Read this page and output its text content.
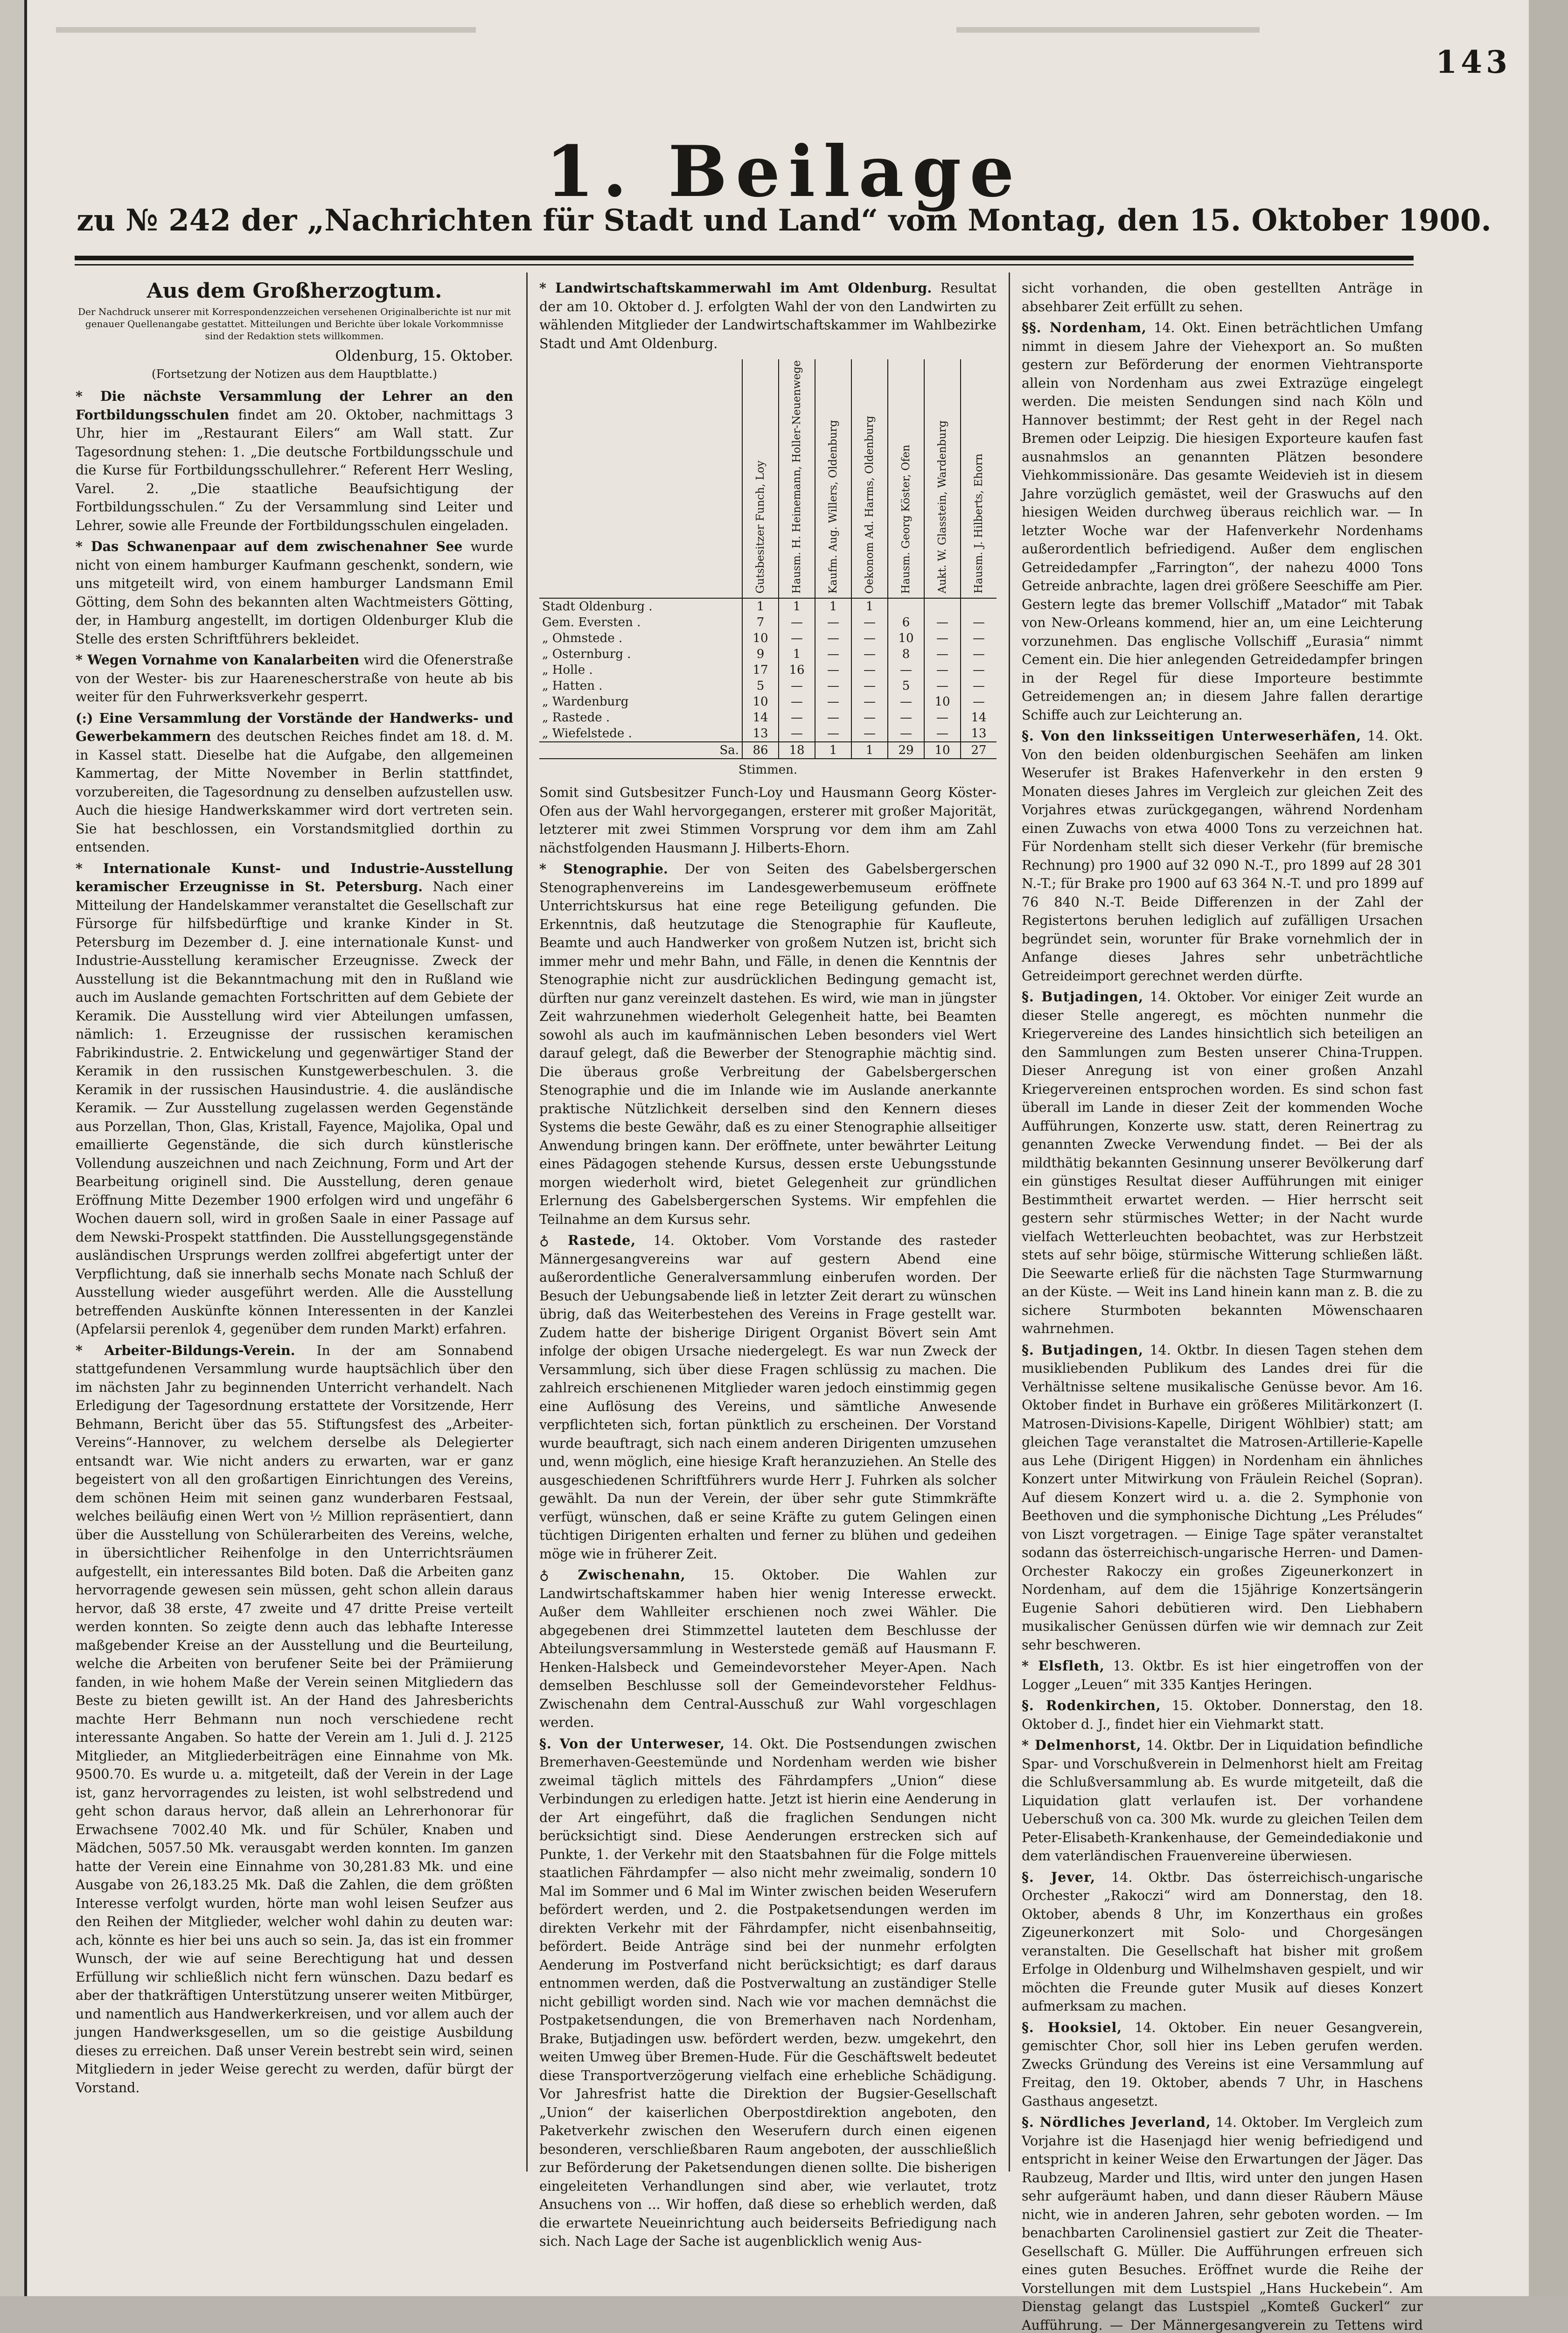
143
1. Beilage
zu № 242 der „Nachrichten für Stadt und Land“ vom Montag, den 15. Oktober 1900.
Aus dem Großherzogtum.
Der Nachdruck unserer mit Korrespondenzzeichen versehenen Originalberichte ist nur mit genauer Quellenangabe gestattet. Mitteilungen und Berichte über lokale Vorkommnisse sind der Redaktion stets willkommen.
Oldenburg, 15. Oktober.
(Fortsetzung der Notizen aus dem Hauptblatte.)

* Die nächste Versammlung der Lehrer an den Fortbildungsschulen findet am 20. Oktober, nachmittags 3 Uhr, hier im „Restaurant Eilers“ am Wall statt. Zur Tagesordnung stehen: 1. „Die deutsche Fortbildungsschule und die Kurse für Fortbildungsschullehrer.“ Referent Herr Wesling, Varel. 2. „Die staatliche Beaufsichtigung der Fortbildungsschulen.“ Zu der Versammlung sind Leiter und Lehrer, sowie alle Freunde der Fortbildungsschulen eingeladen.

* Das Schwanenpaar auf dem zwischenahner See wurde nicht von einem hamburger Kaufmann geschenkt, sondern, wie uns mitgeteilt wird, von einem hamburger Landsmann Emil Götting, dem Sohn des bekannten alten Wachtmeisters Götting, der, in Hamburg angestellt, im dortigen Oldenburger Klub die Stelle des ersten Schriftführers bekleidet.

* Wegen Vornahme von Kanalarbeiten wird die Ofenerstraße von der Wester- bis zur Haarenescherstraße von heute ab bis weiter für den Fuhrwerksverkehr gesperrt.

(:) Eine Versammlung der Vorstände der Handwerks- und Gewerbekammern des deutschen Reiches findet am 18. d. M. in Kassel statt. Dieselbe hat die Aufgabe, den allgemeinen Kammertag, der Mitte November in Berlin stattfindet, vorzubereiten, die Tagesordnung zu denselben aufzustellen usw. Auch die hiesige Handwerkskammer wird dort vertreten sein. Sie hat beschlossen, ein Vorstandsmitglied dorthin zu entsenden.

* Internationale Kunst- und Industrie-Ausstellung keramischer Erzeugnisse in St. Petersburg. Nach einer Mitteilung der Handelskammer veranstaltet die Gesellschaft zur Fürsorge für hilfsbedürftige und kranke Kinder in St. Petersburg im Dezember d. J. eine internationale Kunst- und Industrie-Ausstellung keramischer Erzeugnisse. Zweck der Ausstellung ist die Bekanntmachung mit den in Rußland wie auch im Auslande gemachten Fortschritten auf dem Gebiete der Keramik. Die Ausstellung wird vier Abteilungen umfassen, nämlich: 1. Erzeugnisse der russischen keramischen Fabrikindustrie. 2. Entwickelung und gegenwärtiger Stand der Keramik in den russischen Kunstgewerbeschulen. 3. die Keramik in der russischen Hausindustrie. 4. die ausländische Keramik. — Zur Ausstellung zugelassen werden Gegenstände aus Porzellan, Thon, Glas, Kristall, Fayence, Majolika, Opal und emaillierte Gegenstände, die sich durch künstlerische Vollendung auszeichnen und nach Zeichnung, Form und Art der Bearbeitung originell sind. Die Ausstellung, deren genaue Eröffnung Mitte Dezember 1900 erfolgen wird und ungefähr 6 Wochen dauern soll, wird in großen Saale in einer Passage auf dem Newski-Prospekt stattfinden. Die Ausstellungsgegenstände ausländischen Ursprungs werden zollfrei abgefertigt unter der Verpflichtung, daß sie innerhalb sechs Monate nach Schluß der Ausstellung wieder ausgeführt werden. Alle die Ausstellung betreffenden Auskünfte können Interessenten in der Kanzlei (Apfelarsii perenlok 4, gegenüber dem runden Markt) erfahren.

* Arbeiter-Bildungs-Verein. In der am Sonnabend stattgefundenen Versammlung wurde hauptsächlich über den im nächsten Jahr zu beginnenden Unterricht verhandelt. Nach Erledigung der Tagesordnung erstattete der Vorsitzende, Herr Behmann, Bericht über das 55. Stiftungsfest des „Arbeiter-Vereins“-Hannover, zu welchem derselbe als Delegierter entsandt war. Wie nicht anders zu erwarten, war er ganz begeistert von all den großartigen Einrichtungen des Vereins, dem schönen Heim mit seinen ganz wunderbaren Festsaal, welches beiläufig einen Wert von ½ Million repräsentiert, dann über die Ausstellung von Schülerarbeiten des Vereins, welche, in übersichtlicher Reihenfolge in den Unterrichtsräumen aufgestellt, ein interessantes Bild boten. Daß die Arbeiten ganz hervorragende gewesen sein müssen, geht schon allein daraus hervor, daß 38 erste, 47 zweite und 47 dritte Preise verteilt werden konnten. So zeigte denn auch das lebhafte Interesse maßgebender Kreise an der Ausstellung und die Beurteilung, welche die Arbeiten von berufener Seite bei der Prämiierung fanden, in wie hohem Maße der Verein seinen Mitgliedern das Beste zu bieten gewillt ist. An der Hand des Jahresberichts machte Herr Behmann nun noch verschiedene recht interessante Angaben. So hatte der Verein am 1. Juli d. J. 2125 Mitglieder, an Mitgliederbeiträgen eine Einnahme von Mk. 9500.70. Es wurde u. a. mitgeteilt, daß der Verein in der Lage ist, ganz hervorragendes zu leisten, ist wohl selbstredend und geht schon daraus hervor, daß allein an Lehrerhonorar für Erwachsene 7002.40 Mk. und für Schüler, Knaben und Mädchen, 5057.50 Mk. verausgabt werden konnten. Im ganzen hatte der Verein eine Einnahme von 30,281.83 Mk. und eine Ausgabe von 26,183.25 Mk. Daß die Zahlen, die dem größten Interesse verfolgt wurden, hörte man wohl leisen Seufzer aus den Reihen der Mitglieder, welcher wohl dahin zu deuten war: ach, könnte es hier bei uns auch so sein. Ja, das ist ein frommer Wunsch, der wie auf seine Berechtigung hat und dessen Erfüllung wir schließlich nicht fern wünschen. Dazu bedarf es aber der thatkräftigen Unterstützung unserer weiten Mitbürger, und namentlich aus Handwerkerkreisen, und vor allem auch der jungen Handwerksgesellen, um so die geistige Ausbildung dieses zu erreichen. Daß unser Verein bestrebt sein wird, seinen Mitgliedern in jeder Weise gerecht zu werden, dafür bürgt der Vorstand.

* Landwirtschaftskammerwahl im Amt Oldenburg. Resultat der am 10. Oktober d. J. erfolgten Wahl der von den Landwirten zu wählenden Mitglieder der Landwirtschaftskammer im Wahlbezirke Stadt und Amt Oldenburg.

	Gutsbesitzer Funch, Loy	Hausm. H. Heinemann, Holler-Neuenwege	Kaufm. Aug. Willers, Oldenburg	Oekonom Ad. Harms, Oldenburg	Hausm. Georg Köster, Ofen	Aukt. W. Glasstein, Wardenburg	Hausm. J. Hilberts, Ehorn
Stadt Oldenburg .	1	1	1	1			
Gem. Eversten .	7	—	—	—	6	—	—
„ Ohmstede .	10	—	—	—	10	—	—
„ Osternburg .	9	1	—	—	8	—	—
„ Holle .	17	16	—	—	—	—	—
„ Hatten .	5	—	—	—	5	—	—
„ Wardenburg	10	—	—	—	—	10	—
„ Rastede .	14	—	—	—	—	—	14
„ Wiefelstede .	13	—	—	—	—	—	13
Sa.	86	18	1	1	29	10	27
Stimmen.

Somit sind Gutsbesitzer Funch-Loy und Hausmann Georg Köster-Ofen aus der Wahl hervorgegangen, ersterer mit großer Majorität, letzterer mit zwei Stimmen Vorsprung vor dem ihm am Zahl nächstfolgenden Hausmann J. Hilberts-Ehorn.

* Stenographie. Der von Seiten des Gabelsbergerschen Stenographenvereins im Landesgewerbemuseum eröffnete Unterrichtskursus hat eine rege Beteiligung gefunden. Die Erkenntnis, daß heutzutage die Stenographie für Kaufleute, Beamte und auch Handwerker von großem Nutzen ist, bricht sich immer mehr und mehr Bahn, und Fälle, in denen die Kenntnis der Stenographie nicht zur ausdrücklichen Bedingung gemacht ist, dürften nur ganz vereinzelt dastehen. Es wird, wie man in jüngster Zeit wahrzunehmen wiederholt Gelegenheit hatte, bei Beamten sowohl als auch im kaufmännischen Leben besonders viel Wert darauf gelegt, daß die Bewerber der Stenographie mächtig sind. Die überaus große Verbreitung der Gabelsbergerschen Stenographie und die im Inlande wie im Auslande anerkannte praktische Nützlichkeit derselben sind den Kennern dieses Systems die beste Gewähr, daß es zu einer Stenographie allseitiger Anwendung bringen kann. Der eröffnete, unter bewährter Leitung eines Pädagogen stehende Kursus, dessen erste Uebungsstunde morgen wiederholt wird, bietet Gelegenheit zur gründlichen Erlernung des Gabelsbergerschen Systems. Wir empfehlen die Teilnahme an dem Kursus sehr.

♁ Rastede, 14. Oktober. Vom Vorstande des rasteder Männergesangvereins war auf gestern Abend eine außerordentliche Generalversammlung einberufen worden. Der Besuch der Uebungsabende ließ in letzter Zeit derart zu wünschen übrig, daß das Weiterbestehen des Vereins in Frage gestellt war. Zudem hatte der bisherige Dirigent Organist Bövert sein Amt infolge der obigen Ursache niedergelegt. Es war nun Zweck der Versammlung, sich über diese Fragen schlüssig zu machen. Die zahlreich erschienenen Mitglieder waren jedoch einstimmig gegen eine Auflösung des Vereins, und sämtliche Anwesende verpflichteten sich, fortan pünktlich zu erscheinen. Der Vorstand wurde beauftragt, sich nach einem anderen Dirigenten umzusehen und, wenn möglich, eine hiesige Kraft heranzuziehen. An Stelle des ausgeschiedenen Schriftführers wurde Herr J. Fuhrken als solcher gewählt. Da nun der Verein, der über sehr gute Stimmkräfte verfügt, wünschen, daß er seine Kräfte zu gutem Gelingen einen tüchtigen Dirigenten erhalten und ferner zu blühen und gedeihen möge wie in früherer Zeit.

♁ Zwischenahn, 15. Oktober. Die Wahlen zur Landwirtschaftskammer haben hier wenig Interesse erweckt. Außer dem Wahlleiter erschienen noch zwei Wähler. Die abgegebenen drei Stimmzettel lauteten dem Beschlusse der Abteilungsversammlung in Westerstede gemäß auf Hausmann F. Henken-Halsbeck und Gemeindevorsteher Meyer-Apen. Nach demselben Beschlusse soll der Gemeindevorsteher Feldhus-Zwischenahn dem Central-Ausschuß zur Wahl vorgeschlagen werden.

§. Von der Unterweser, 14. Okt. Die Postsendungen zwischen Bremerhaven-Geestemünde und Nordenham werden wie bisher zweimal täglich mittels des Fährdampfers „Union“ diese Verbindungen zu erledigen hatte. Jetzt ist hierin eine Aenderung in der Art eingeführt, daß die fraglichen Sendungen nicht berücksichtigt sind. Diese Aenderungen erstrecken sich auf Punkte, 1. der Verkehr mit den Staatsbahnen für die Folge mittels staatlichen Fährdampfer — also nicht mehr zweimalig, sondern 10 Mal im Sommer und 6 Mal im Winter zwischen beiden Weserufern befördert werden, und 2. die Postpaketsendungen werden im direkten Verkehr mit der Fährdampfer, nicht eisenbahnseitig, befördert. Beide Anträge sind bei der nunmehr erfolgten Aenderung im Postverfand nicht berücksichtigt; es darf daraus entnommen werden, daß die Postverwaltung an zuständiger Stelle nicht gebilligt worden sind. Nach wie vor machen demnächst die Postpaketsendungen, die von Bremerhaven nach Nordenham, Brake, Butjadingen usw. befördert werden, bezw. umgekehrt, den weiten Umweg über Bremen-Hude. Für die Geschäftswelt bedeutet diese Transportverzögerung vielfach eine erhebliche Schädigung. Vor Jahresfrist hatte die Direktion der Bugsier-Gesellschaft „Union“ der kaiserlichen Oberpostdirektion angeboten, den Paketverkehr zwischen den Weserufern durch einen eigenen besonderen, verschließbaren Raum angeboten, der ausschließlich zur Beförderung der Paketsendungen dienen sollte. Die bisherigen eingeleiteten Verhandlungen sind aber, wie verlautet, trotz Ansuchens von ... Wir hoffen, daß diese so erheblich werden, daß die erwartete Neueinrichtung auch beiderseits Befriedigung nach sich. Nach Lage der Sache ist augenblicklich wenig Aus-

sicht vorhanden, die oben gestellten Anträge in absehbarer Zeit erfüllt zu sehen.

§§. Nordenham, 14. Okt. Einen beträchtlichen Umfang nimmt in diesem Jahre der Viehexport an. So mußten gestern zur Beförderung der enormen Viehtransporte allein von Nordenham aus zwei Extrazüge eingelegt werden. Die meisten Sendungen sind nach Köln und Hannover bestimmt; der Rest geht in der Regel nach Bremen oder Leipzig. Die hiesigen Exporteure kaufen fast ausnahmslos an genannten Plätzen besondere Viehkommissionäre. Das gesamte Weidevieh ist in diesem Jahre vorzüglich gemästet, weil der Graswuchs auf den hiesigen Weiden durchweg überaus reichlich war. — In letzter Woche war der Hafenverkehr Nordenhams außerordentlich befriedigend. Außer dem englischen Getreidedampfer „Farrington“, der nahezu 4000 Tons Getreide anbrachte, lagen drei größere Seeschiffe am Pier. Gestern legte das bremer Vollschiff „Matador“ mit Tabak von New-Orleans kommend, hier an, um eine Leichterung vorzunehmen. Das englische Vollschiff „Eurasia“ nimmt Cement ein. Die hier anlegenden Getreidedampfer bringen in der Regel für diese Importeure bestimmte Getreidemengen an; in diesem Jahre fallen derartige Schiffe auch zur Leichterung an.

§. Von den linksseitigen Unterweserhäfen, 14. Okt. Von den beiden oldenburgischen Seehäfen am linken Weserufer ist Brakes Hafenverkehr in den ersten 9 Monaten dieses Jahres im Vergleich zur gleichen Zeit des Vorjahres etwas zurückgegangen, während Nordenham einen Zuwachs von etwa 4000 Tons zu verzeichnen hat. Für Nordenham stellt sich dieser Verkehr (für bremische Rechnung) pro 1900 auf 32 090 N.-T., pro 1899 auf 28 301 N.-T.; für Brake pro 1900 auf 63 364 N.-T. und pro 1899 auf 76 840 N.-T. Beide Differenzen in der Zahl der Registertons beruhen lediglich auf zufälligen Ursachen begründet sein, worunter für Brake vornehmlich der in Anfange dieses Jahres sehr unbeträchtliche Getreideimport gerechnet werden dürfte.

§. Butjadingen, 14. Oktober. Vor einiger Zeit wurde an dieser Stelle angeregt, es möchten nunmehr die Kriegervereine des Landes hinsichtlich sich beteiligen an den Sammlungen zum Besten unserer China-Truppen. Dieser Anregung ist von einer großen Anzahl Kriegervereinen entsprochen worden. Es sind schon fast überall im Lande in dieser Zeit der kommenden Woche Aufführungen, Konzerte usw. statt, deren Reinertrag zu genannten Zwecke Verwendung findet. — Bei der als mildthätig bekannten Gesinnung unserer Bevölkerung darf ein günstiges Resultat dieser Aufführungen mit einiger Bestimmtheit erwartet werden. — Hier herrscht seit gestern sehr stürmisches Wetter; in der Nacht wurde vielfach Wetterleuchten beobachtet, was zur Herbstzeit stets auf sehr böige, stürmische Witterung schließen läßt. Die Seewarte erließ für die nächsten Tage Sturmwarnung an der Küste. — Weit ins Land hinein kann man z. B. die zu sichere Sturmboten bekannten Möwenschaaren wahrnehmen.

§. Butjadingen, 14. Oktbr. In diesen Tagen stehen dem musikliebenden Publikum des Landes drei für die Verhältnisse seltene musikalische Genüsse bevor. Am 16. Oktober findet in Burhave ein größeres Militärkonzert (I. Matrosen-Divisions-Kapelle, Dirigent Wöhlbier) statt; am gleichen Tage veranstaltet die Matrosen-Artillerie-Kapelle aus Lehe (Dirigent Higgen) in Nordenham ein ähnliches Konzert unter Mitwirkung von Fräulein Reichel (Sopran). Auf diesem Konzert wird u. a. die 2. Symphonie von Beethoven und die symphonische Dichtung „Les Préludes“ von Liszt vorgetragen. — Einige Tage später veranstaltet sodann das österreichisch-ungarische Herren- und Damen-Orchester Rakoczy ein großes Zigeunerkonzert in Nordenham, auf dem die 15jährige Konzertsängerin Eugenie Sahori debütieren wird. Den Liebhabern musikalischer Genüssen dürfen wie wir demnach zur Zeit sehr beschweren.

* Elsfleth, 13. Oktbr. Es ist hier eingetroffen von der Logger „Leuen“ mit 335 Kantjes Heringen.

§. Rodenkirchen, 15. Oktober. Donnerstag, den 18. Oktober d. J., findet hier ein Viehmarkt statt.

* Delmenhorst, 14. Oktbr. Der in Liquidation befindliche Spar- und Vorschußverein in Delmenhorst hielt am Freitag die Schlußversammlung ab. Es wurde mitgeteilt, daß die Liquidation glatt verlaufen ist. Der vorhandene Ueberschuß von ca. 300 Mk. wurde zu gleichen Teilen dem Peter-Elisabeth-Krankenhause, der Gemeindediakonie und dem vaterländischen Frauenvereine überwiesen.

§. Jever, 14. Oktbr. Das österreichisch-ungarische Orchester „Rakoczi“ wird am Donnerstag, den 18. Oktober, abends 8 Uhr, im Konzerthaus ein großes Zigeunerkonzert mit Solo- und Chorgesängen veranstalten. Die Gesellschaft hat bisher mit großem Erfolge in Oldenburg und Wilhelmshaven gespielt, und wir möchten die Freunde guter Musik auf dieses Konzert aufmerksam zu machen.

§. Hooksiel, 14. Oktober. Ein neuer Gesangverein, gemischter Chor, soll hier ins Leben gerufen werden. Zwecks Gründung des Vereins ist eine Versammlung auf Freitag, den 19. Oktober, abends 7 Uhr, in Haschens Gasthaus angesetzt.

§. Nördliches Jeverland, 14. Oktober. Im Vergleich zum Vorjahre ist die Hasenjagd hier wenig befriedigend und entspricht in keiner Weise den Erwartungen der Jäger. Das Raubzeug, Marder und Iltis, wird unter den jungen Hasen sehr aufgeräumt haben, und dann dieser Räubern Mäuse nicht, wie in anderen Jahren, sehr geboten worden. — Im benachbarten Carolinensiel gastiert zur Zeit die Theater-Gesellschaft G. Müller. Die Aufführungen erfreuen sich eines guten Besuches. Eröffnet wurde die Reihe der Vorstellungen mit dem Lustspiel „Hans Huckebein“. Am Dienstag gelangt das Lustspiel „Komteß Guckerl“ zur Aufführung. — Der Männergesangverein zu Tettens wird
